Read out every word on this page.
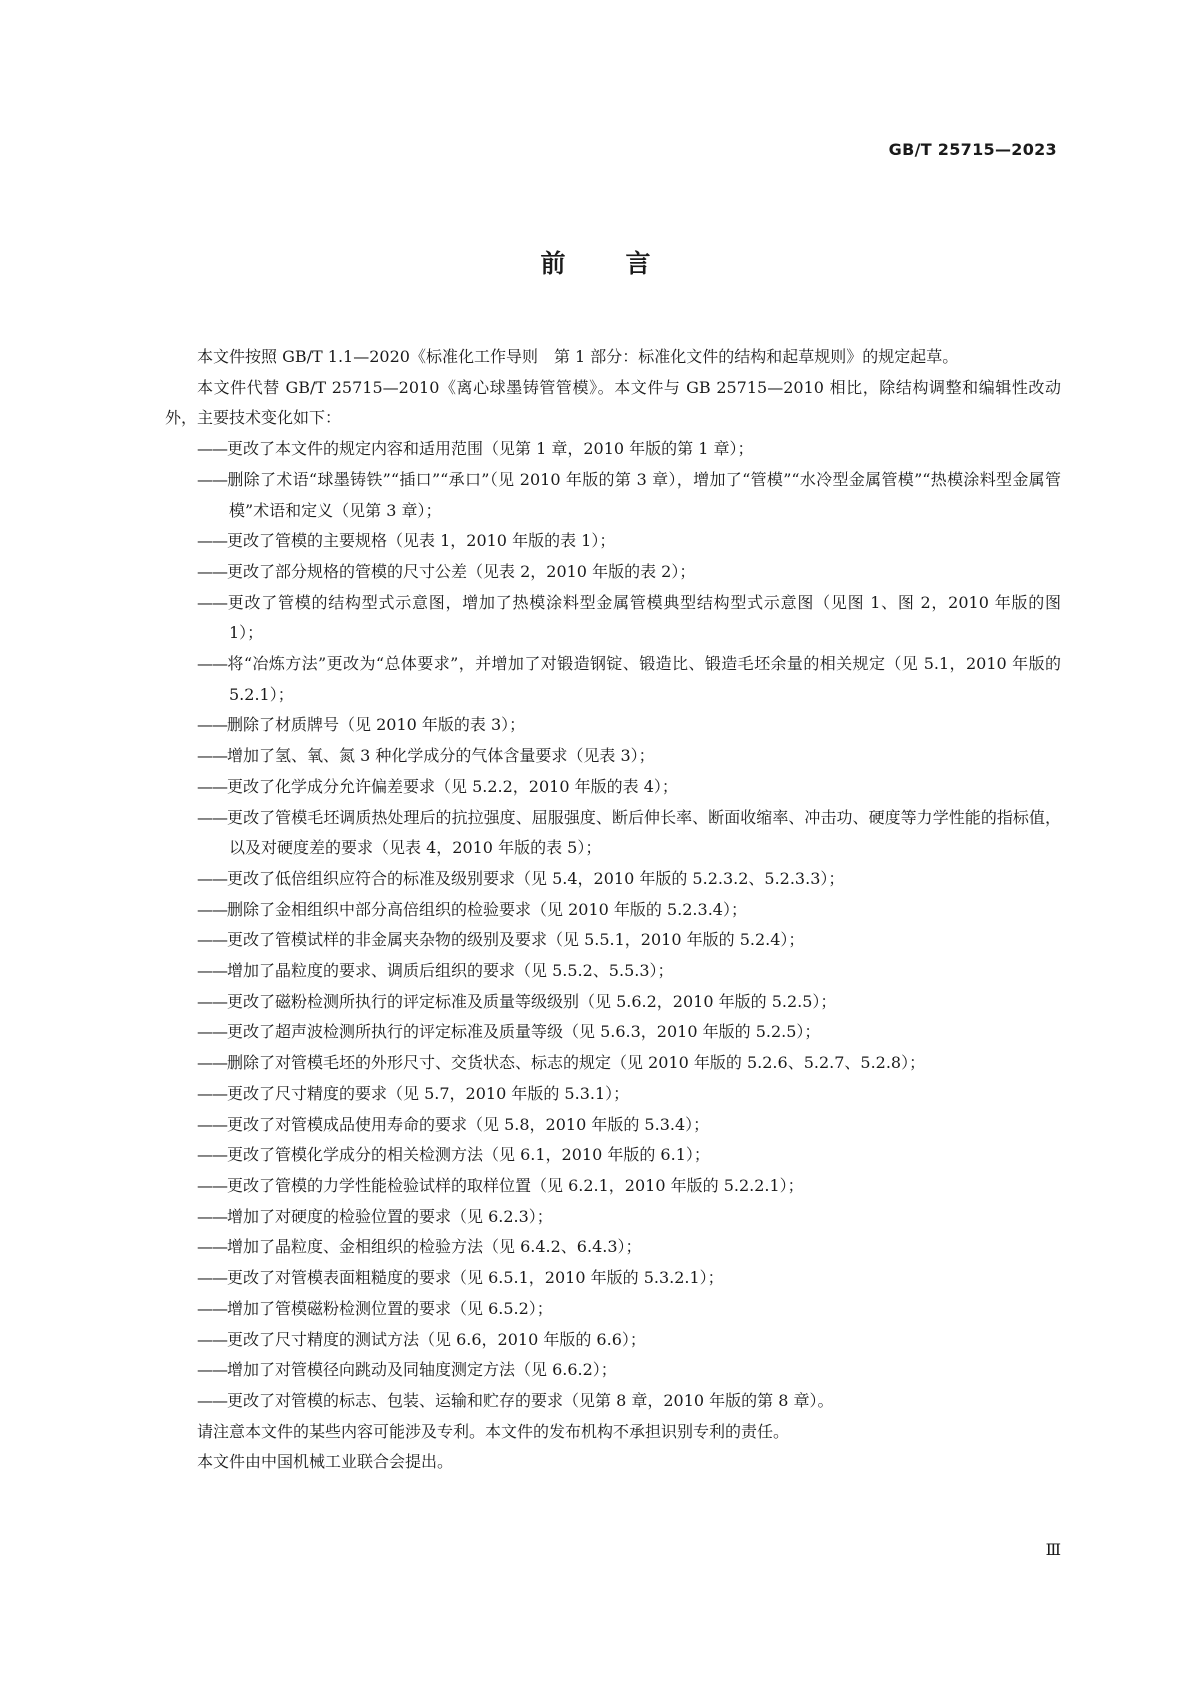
GB/T 25715—2023
前言

本文件按照 GB/T 1.1—2020《标准化工作导则　第 1 部分：标准化文件的结构和起草规则》的规定起草。

本文件代替 GB/T 25715—2010《离心球墨铸管管模》。本文件与 GB 25715—2010 相比，除结构调整和编辑性改动外，主要技术变化如下：

——更改了本文件的规定内容和适用范围（见第 1 章，2010 年版的第 1 章）；

——删除了术语“球墨铸铁”“插口”“承口”（见 2010 年版的第 3 章），增加了“管模”“水冷型金属管模”“热模涂料型金属管模”术语和定义（见第 3 章）；

——更改了管模的主要规格（见表 1，2010 年版的表 1）；

——更改了部分规格的管模的尺寸公差（见表 2，2010 年版的表 2）；

——更改了管模的结构型式示意图，增加了热模涂料型金属管模典型结构型式示意图（见图 1、图 2，2010 年版的图 1）；

——将“冶炼方法”更改为“总体要求”，并增加了对锻造钢锭、锻造比、锻造毛坯余量的相关规定（见 5.1，2010 年版的 5.2.1）；

——删除了材质牌号（见 2010 年版的表 3）；

——增加了氢、氧、氮 3 种化学成分的气体含量要求（见表 3）；

——更改了化学成分允许偏差要求（见 5.2.2，2010 年版的表 4）；

——更改了管模毛坯调质热处理后的抗拉强度、屈服强度、断后伸长率、断面收缩率、冲击功、硬度等力学性能的指标值，以及对硬度差的要求（见表 4，2010 年版的表 5）；

——更改了低倍组织应符合的标准及级别要求（见 5.4，2010 年版的 5.2.3.2、5.2.3.3）；

——删除了金相组织中部分高倍组织的检验要求（见 2010 年版的 5.2.3.4）；

——更改了管模试样的非金属夹杂物的级别及要求（见 5.5.1，2010 年版的 5.2.4）；

——增加了晶粒度的要求、调质后组织的要求（见 5.5.2、5.5.3）；

——更改了磁粉检测所执行的评定标准及质量等级级别（见 5.6.2，2010 年版的 5.2.5）；

——更改了超声波检测所执行的评定标准及质量等级（见 5.6.3，2010 年版的 5.2.5）；

——删除了对管模毛坯的外形尺寸、交货状态、标志的规定（见 2010 年版的 5.2.6、5.2.7、5.2.8）；

——更改了尺寸精度的要求（见 5.7，2010 年版的 5.3.1）；

——更改了对管模成品使用寿命的要求（见 5.8，2010 年版的 5.3.4）；

——更改了管模化学成分的相关检测方法（见 6.1，2010 年版的 6.1）；

——更改了管模的力学性能检验试样的取样位置（见 6.2.1，2010 年版的 5.2.2.1）；

——增加了对硬度的检验位置的要求（见 6.2.3）；

——增加了晶粒度、金相组织的检验方法（见 6.4.2、6.4.3）；

——更改了对管模表面粗糙度的要求（见 6.5.1，2010 年版的 5.3.2.1）；

——增加了管模磁粉检测位置的要求（见 6.5.2）；

——更改了尺寸精度的测试方法（见 6.6，2010 年版的 6.6）；

——增加了对管模径向跳动及同轴度测定方法（见 6.6.2）；

——更改了对管模的标志、包装、运输和贮存的要求（见第 8 章，2010 年版的第 8 章）。

请注意本文件的某些内容可能涉及专利。本文件的发布机构不承担识别专利的责任。

本文件由中国机械工业联合会提出。

Ⅲ
